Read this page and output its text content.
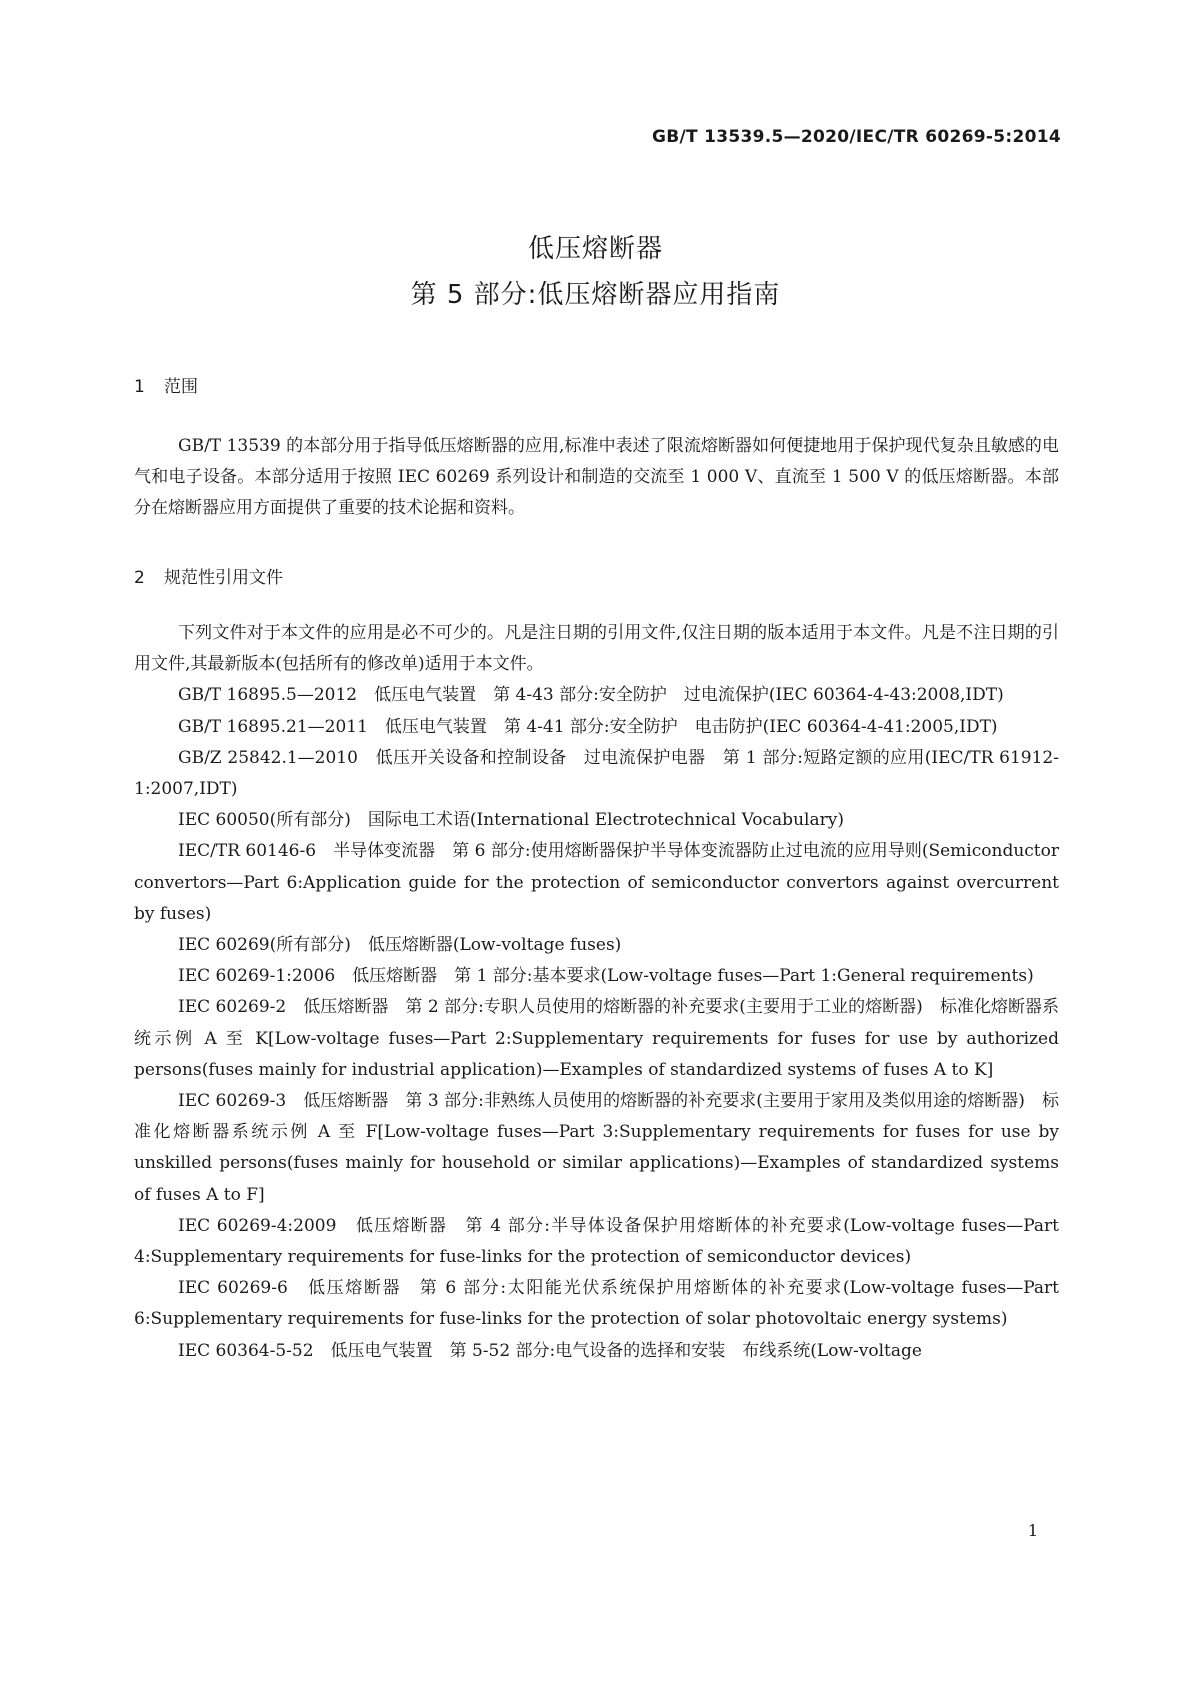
GB/T 13539.5—2020/IEC/TR 60269-5:2014
低压熔断器
第 5 部分:低压熔断器应用指南
1 范围

GB/T 13539 的本部分用于指导低压熔断器的应用,标准中表述了限流熔断器如何便捷地用于保护现代复杂且敏感的电气和电子设备。本部分适用于按照 IEC 60269 系列设计和制造的交流至 1 000 V、直流至 1 500 V 的低压熔断器。本部分在熔断器应用方面提供了重要的技术论据和资料。

2 规范性引用文件

下列文件对于本文件的应用是必不可少的。凡是注日期的引用文件,仅注日期的版本适用于本文件。凡是不注日期的引用文件,其最新版本(包括所有的修改单)适用于本文件。

GB/T 16895.5—2012　低压电气装置　第 4-43 部分:安全防护　过电流保护(IEC 60364-4-43:2008,IDT)

GB/T 16895.21—2011　低压电气装置　第 4-41 部分:安全防护　电击防护(IEC 60364-4-41:2005,IDT)

GB/Z 25842.1—2010　低压开关设备和控制设备　过电流保护电器　第 1 部分:短路定额的应用(IEC/TR 61912-1:2007,IDT)

IEC 60050(所有部分)　国际电工术语(International Electrotechnical Vocabulary)

IEC/TR 60146-6　半导体变流器　第 6 部分:使用熔断器保护半导体变流器防止过电流的应用导则(Semiconductor convertors—Part 6:Application guide for the protection of semiconductor convertors against overcurrent by fuses)

IEC 60269(所有部分)　低压熔断器(Low-voltage fuses)

IEC 60269-1:2006　低压熔断器　第 1 部分:基本要求(Low-voltage fuses—Part 1:General requirements)

IEC 60269-2　低压熔断器　第 2 部分:专职人员使用的熔断器的补充要求(主要用于工业的熔断器)　标准化熔断器系统示例 A 至 K[Low-voltage fuses—Part 2:Supplementary requirements for fuses for use by authorized persons(fuses mainly for industrial application)—Examples of standardized systems of fuses A to K]

IEC 60269-3　低压熔断器　第 3 部分:非熟练人员使用的熔断器的补充要求(主要用于家用及类似用途的熔断器)　标准化熔断器系统示例 A 至 F[Low-voltage fuses—Part 3:Supplementary requirements for fuses for use by unskilled persons(fuses mainly for household or similar applications)—Examples of standardized systems of fuses A to F]

IEC 60269-4:2009　低压熔断器　第 4 部分:半导体设备保护用熔断体的补充要求(Low-voltage fuses—Part 4:Supplementary requirements for fuse-links for the protection of semiconductor devices)

IEC 60269-6　低压熔断器　第 6 部分:太阳能光伏系统保护用熔断体的补充要求(Low-voltage fuses—Part 6:Supplementary requirements for fuse-links for the protection of solar photovoltaic energy systems)

IEC 60364-5-52　低压电气装置　第 5-52 部分:电气设备的选择和安装　布线系统(Low-voltage

1
